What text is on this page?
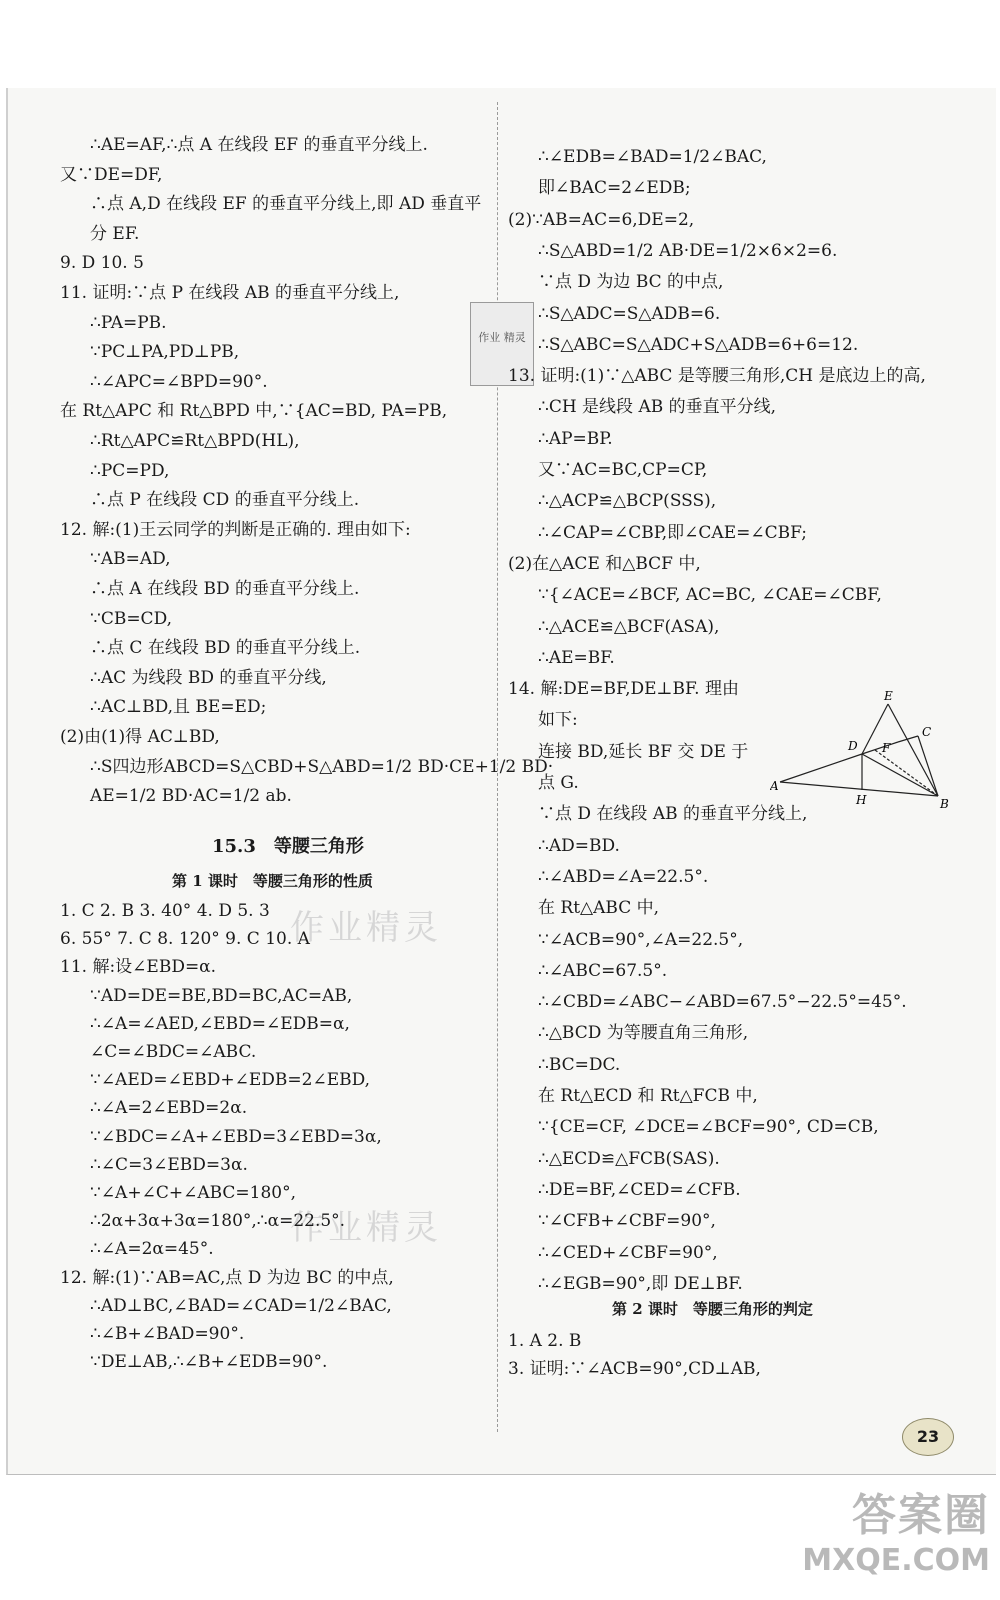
作业精灵
作业精灵
作业 精灵
∴AE=AF,∴点 A 在线段 EF 的垂直平分线上.
又∵DE=DF,
∴点 A,D 在线段 EF 的垂直平分线上,即 AD 垂直平
分 EF.
9. D 10. 5
11. 证明:∵点 P 在线段 AB 的垂直平分线上,
∴PA=PB.
∵PC⊥PA,PD⊥PB,
∴∠APC=∠BPD=90°.
在 Rt△APC 和 Rt△BPD 中,∵{AC=BD, PA=PB,
∴Rt△APC≌Rt△BPD(HL),
∴PC=PD,
∴点 P 在线段 CD 的垂直平分线上.
12. 解:(1)王云同学的判断是正确的. 理由如下:
∵AB=AD,
∴点 A 在线段 BD 的垂直平分线上.
∵CB=CD,
∴点 C 在线段 BD 的垂直平分线上.
∴AC 为线段 BD 的垂直平分线,
∴AC⊥BD,且 BE=ED;
(2)由(1)得 AC⊥BD,
∴S四边形ABCD=S△CBD+S△ABD=1/2 BD·CE+1/2 BD·
AE=1/2 BD·AC=1/2 ab.
15.3　等腰三角形
第 1 课时　等腰三角形的性质
1. C 2. B 3. 40° 4. D 5. 3
6. 55° 7. C 8. 120° 9. C 10. A
11. 解:设∠EBD=α.
∵AD=DE=BE,BD=BC,AC=AB,
∴∠A=∠AED,∠EBD=∠EDB=α,
∠C=∠BDC=∠ABC.
∵∠AED=∠EBD+∠EDB=2∠EBD,
∴∠A=2∠EBD=2α.
∵∠BDC=∠A+∠EBD=3∠EBD=3α,
∴∠C=3∠EBD=3α.
∵∠A+∠C+∠ABC=180°,
∴2α+3α+3α=180°,∴α=22.5°.
∴∠A=2α=45°.
12. 解:(1)∵AB=AC,点 D 为边 BC 的中点,
∴AD⊥BC,∠BAD=∠CAD=1/2∠BAC,
∴∠B+∠BAD=90°.
∵DE⊥AB,∴∠B+∠EDB=90°.
∴∠EDB=∠BAD=1/2∠BAC,
即∠BAC=2∠EDB;
(2)∵AB=AC=6,DE=2,
∴S△ABD=1/2 AB·DE=1/2×6×2=6.
∵点 D 为边 BC 的中点,
∴S△ADC=S△ADB=6.
∴S△ABC=S△ADC+S△ADB=6+6=12.
13. 证明:(1)∵△ABC 是等腰三角形,CH 是底边上的高,
∴CH 是线段 AB 的垂直平分线,
∴AP=BP.
又∵AC=BC,CP=CP,
∴△ACP≌△BCP(SSS),
∴∠CAP=∠CBP,即∠CAE=∠CBF;
(2)在△ACE 和△BCF 中,
∵{∠ACE=∠BCF, AC=BC, ∠CAE=∠CBF,
∴△ACE≌△BCF(ASA),
∴AE=BF.
14. 解:DE=BF,DE⊥BF. 理由
如下:
连接 BD,延长 BF 交 DE 于
点 G.
∵点 D 在线段 AB 的垂直平分线上,
∴AD=BD.
∴∠ABD=∠A=22.5°.
在 Rt△ABC 中,
∵∠ACB=90°,∠A=22.5°,
∴∠ABC=67.5°.
∴∠CBD=∠ABC−∠ABD=67.5°−22.5°=45°.
∴△BCD 为等腰直角三角形,
∴BC=DC.
在 Rt△ECD 和 Rt△FCB 中,
∵{CE=CF, ∠DCE=∠BCF=90°, CD=CB,
∴△ECD≌△FCB(SAS).
∴DE=BF,∠CED=∠CFB.
∵∠CFB+∠CBF=90°,
∴∠CED+∠CBF=90°,
∴∠EGB=90°,即 DE⊥BF.
E
D F
C
A
H	B
第 2 课时　等腰三角形的判定
1. A 2. B
3. 证明:∵∠ACB=90°,CD⊥AB,
23
答案圈
MXQE.COM
